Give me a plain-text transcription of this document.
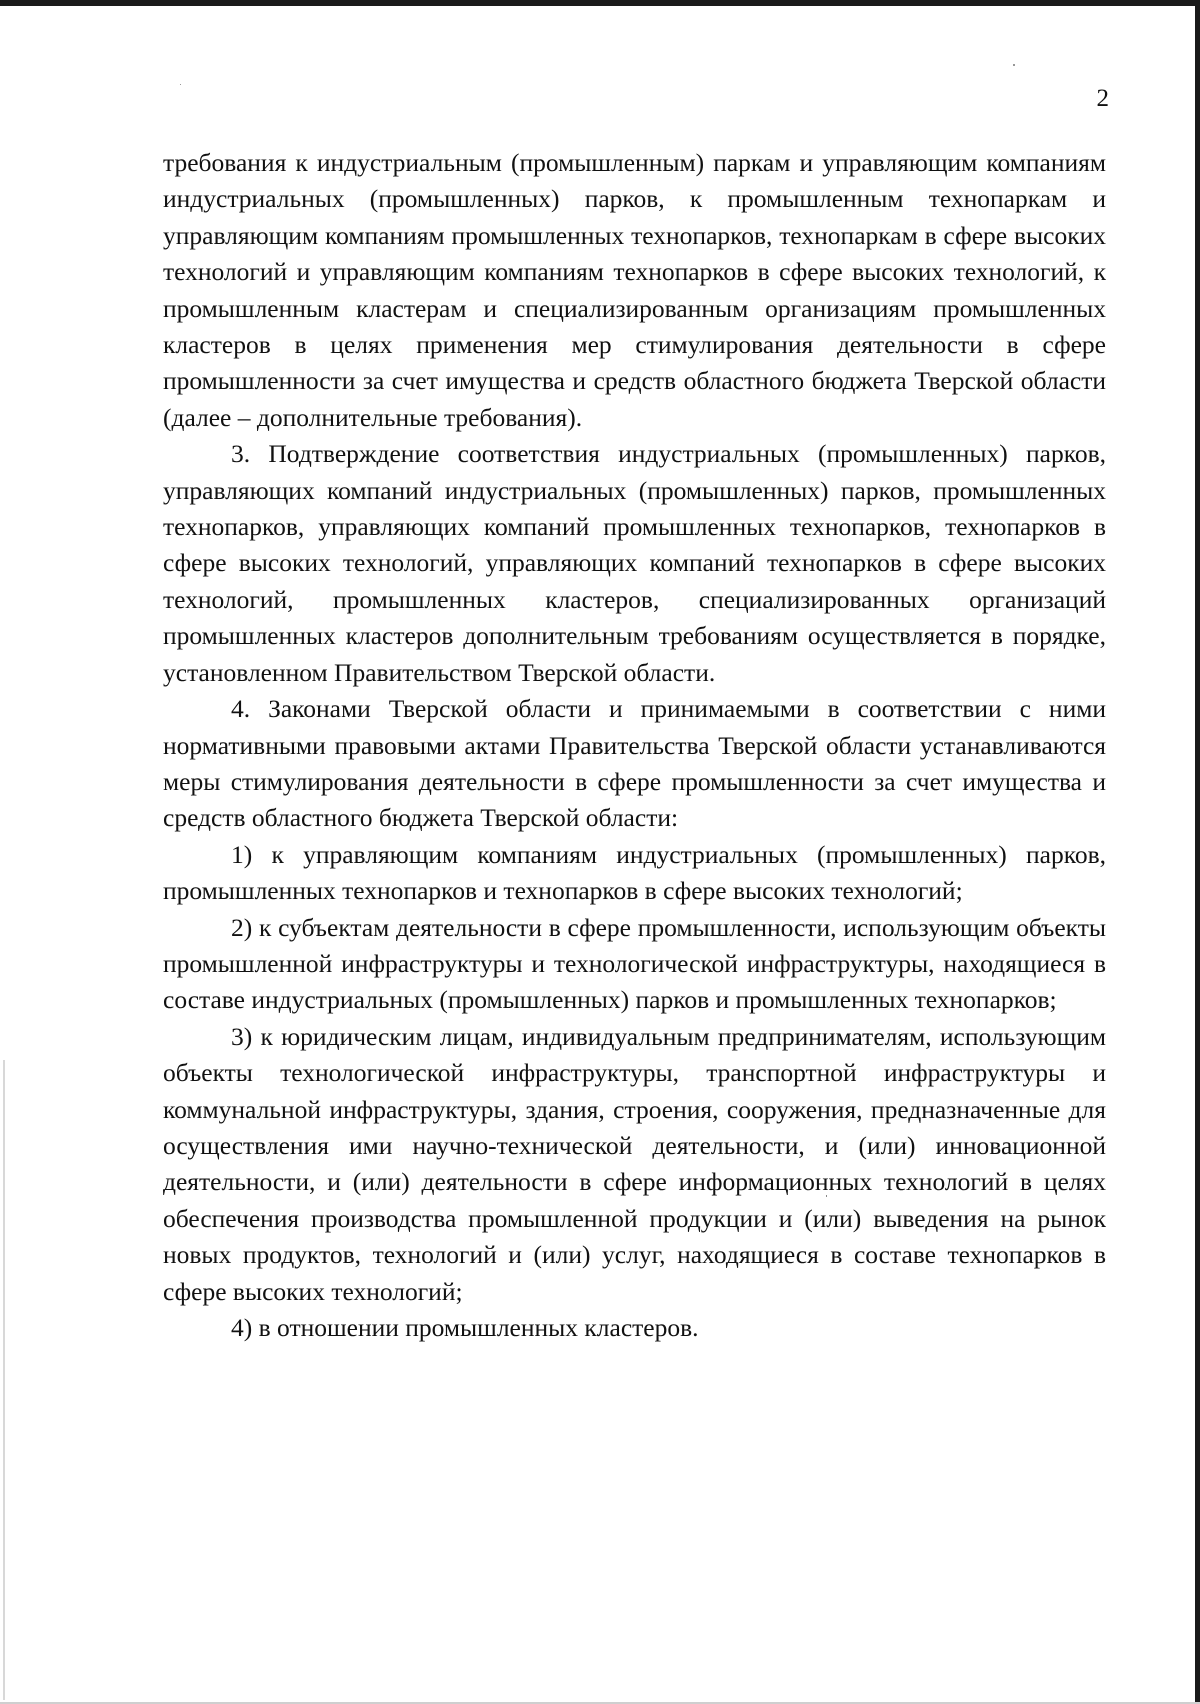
2

требования к индустриальным (промышленным) паркам и управляющим компаниям индустриальных (промышленных) парков, к промышленным технопаркам и управляющим компаниям промышленных технопарков, технопаркам в сфере высоких технологий и управляющим компаниям технопарков в сфере высоких технологий, к промышленным кластерам и специализированным организациям промышленных кластеров в целях применения мер стимулирования деятельности в сфере промышленности за счет имущества и средств областного бюджета Тверской области (далее – дополнительные требования).

3. Подтверждение соответствия индустриальных (промышленных) парков, управляющих компаний индустриальных (промышленных) парков, промышленных технопарков, управляющих компаний промышленных технопарков, технопарков в сфере высоких технологий, управляющих компаний технопарков в сфере высоких технологий, промышленных кластеров, специализированных организаций промышленных кластеров дополнительным требованиям осуществляется в порядке, установленном Правительством Тверской области.

4. Законами Тверской области и принимаемыми в соответствии с ними нормативными правовыми актами Правительства Тверской области устанавливаются меры стимулирования деятельности в сфере промышленности за счет имущества и средств областного бюджета Тверской области:

1) к управляющим компаниям индустриальных (промышленных) парков, промышленных технопарков и технопарков в сфере высоких технологий;

2) к субъектам деятельности в сфере промышленности, использующим объекты промышленной инфраструктуры и технологической инфраструктуры, находящиеся в составе индустриальных (промышленных) парков и промышленных технопарков;

3) к юридическим лицам, индивидуальным предпринимателям, использующим объекты технологической инфраструктуры, транспортной инфраструктуры и коммунальной инфраструктуры, здания, строения, сооружения, предназначенные для осуществления ими научно-технической деятельности, и (или) инновационной деятельности, и (или) деятельности в сфере информационных технологий в целях обеспечения производства промышленной продукции и (или) выведения на рынок новых продуктов, технологий и (или) услуг, находящиеся в составе технопарков в сфере высоких технологий;

4) в отношении промышленных кластеров.
